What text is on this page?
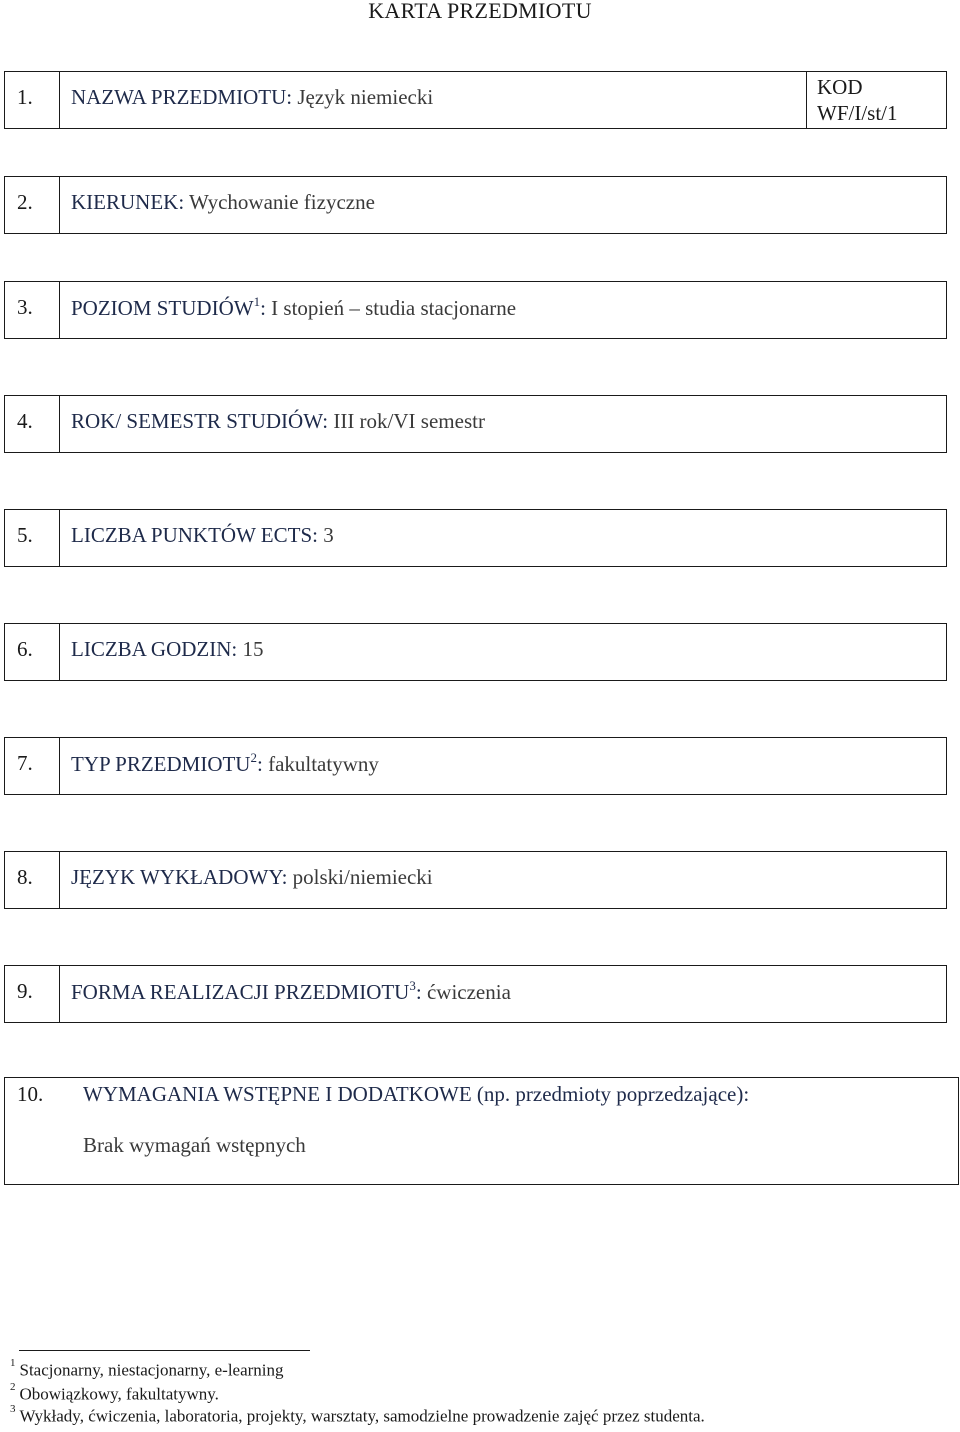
KARTA PRZEDMIOTU
1. NAZWA PRZEDMIOTU: Język niemiecki	KOD
WF/I/st/1
2. KIERUNEK: Wychowanie fizyczne
3. POZIOM STUDIÓW$^1$: I stopień – studia stacjonarne
4. ROK/ SEMESTR STUDIÓW: III rok/VI semestr
5. LICZBA PUNKTÓW ECTS: 3
6. LICZBA GODZIN: 15
7. TYP PRZEDMIOTU$^2$: fakultatywny
8. JĘZYK WYKŁADOWY: polski/niemiecki
9. FORMA REALIZACJI PRZEDMIOTU$^3$: ćwiczenia
10. WYMAGANIA WSTĘPNE I DODATKOWE (np. przedmioty poprzedzające):
Brak wymagań wstępnych
$^1$ Stacjonarny, niestacjonarny, e-learning
$^2$ Obowiązkowy, fakultatywny.
$^3$ Wykłady, ćwiczenia, laboratoria, projekty, warsztaty, samodzielne prowadzenie zajęć przez studenta.
